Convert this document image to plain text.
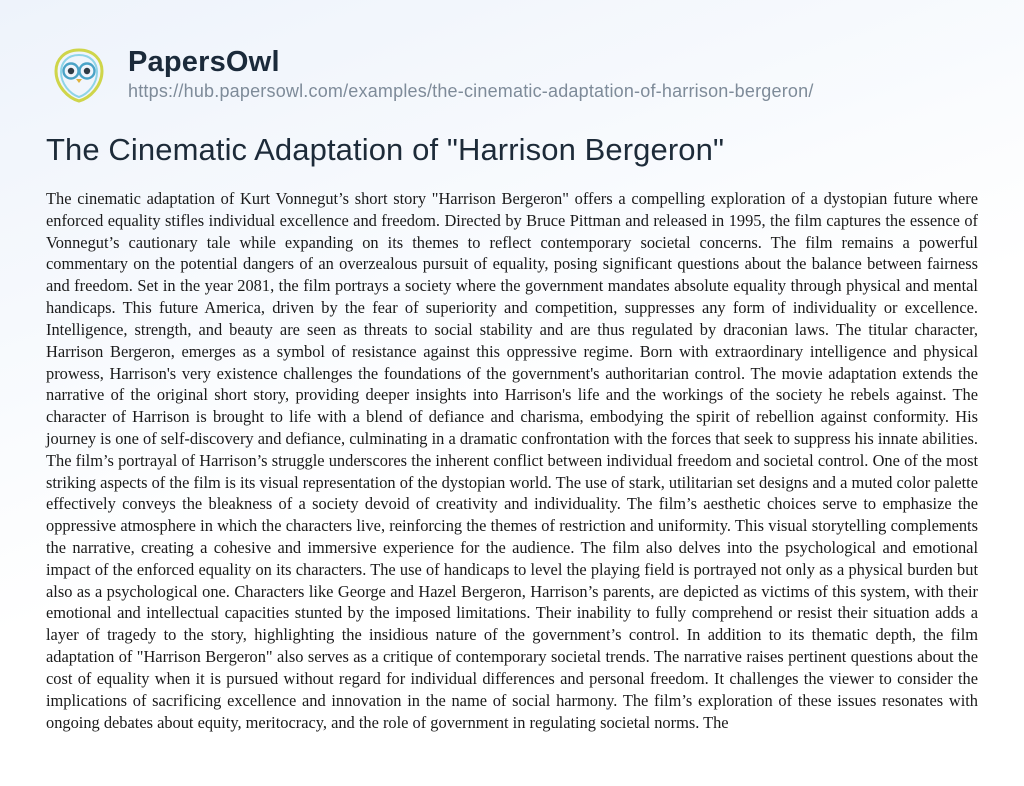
PapersOwl
https://hub.papersowl.com/examples/the-cinematic-adaptation-of-harrison-bergeron/
The Cinematic Adaptation of "Harrison Bergeron"

The cinematic adaptation of Kurt Vonnegut’s short story "Harrison Bergeron" offers a compelling exploration of a dystopian future where enforced equality stifles individual excellence and freedom. Directed by Bruce Pittman and released in 1995, the film captures the essence of Vonnegut’s cautionary tale while expanding on its themes to reflect contemporary societal concerns. The film remains a powerful commentary on the potential dangers of an overzealous pursuit of equality, posing significant questions about the balance between fairness and freedom. Set in the year 2081, the film portrays a society where the government mandates absolute equality through physical and mental handicaps. This future America, driven by the fear of superiority and competition, suppresses any form of individuality or excellence. Intelligence, strength, and beauty are seen as threats to social stability and are thus regulated by draconian laws. The titular character, Harrison Bergeron, emerges as a symbol of resistance against this oppressive regime. Born with extraordinary intelligence and physical prowess, Harrison's very existence challenges the foundations of the government's authoritarian control. The movie adaptation extends the narrative of the original short story, providing deeper insights into Harrison's life and the workings of the society he rebels against. The character of Harrison is brought to life with a blend of defiance and charisma, embodying the spirit of rebellion against conformity. His journey is one of self-discovery and defiance, culminating in a dramatic confrontation with the forces that seek to suppress his innate abilities. The film’s portrayal of Harrison’s struggle underscores the inherent conflict between individual freedom and societal control. One of the most striking aspects of the film is its visual representation of the dystopian world. The use of stark, utilitarian set designs and a muted color palette effectively conveys the bleakness of a society devoid of creativity and individuality. The film’s aesthetic choices serve to emphasize the oppressive atmosphere in which the characters live, reinforcing the themes of restriction and uniformity. This visual storytelling complements the narrative, creating a cohesive and immersive experience for the audience. The film also delves into the psychological and emotional impact of the enforced equality on its characters. The use of handicaps to level the playing field is portrayed not only as a physical burden but also as a psychological one. Characters like George and Hazel Bergeron, Harrison’s parents, are depicted as victims of this system, with their emotional and intellectual capacities stunted by the imposed limitations. Their inability to fully comprehend or resist their situation adds a layer of tragedy to the story, highlighting the insidious nature of the government’s control. In addition to its thematic depth, the film adaptation of "Harrison Bergeron" also serves as a critique of contemporary societal trends. The narrative raises pertinent questions about the cost of equality when it is pursued without regard for individual differences and personal freedom. It challenges the viewer to consider the implications of sacrificing excellence and innovation in the name of social harmony. The film’s exploration of these issues resonates with ongoing debates about equity, meritocracy, and the role of government in regulating societal norms. The
